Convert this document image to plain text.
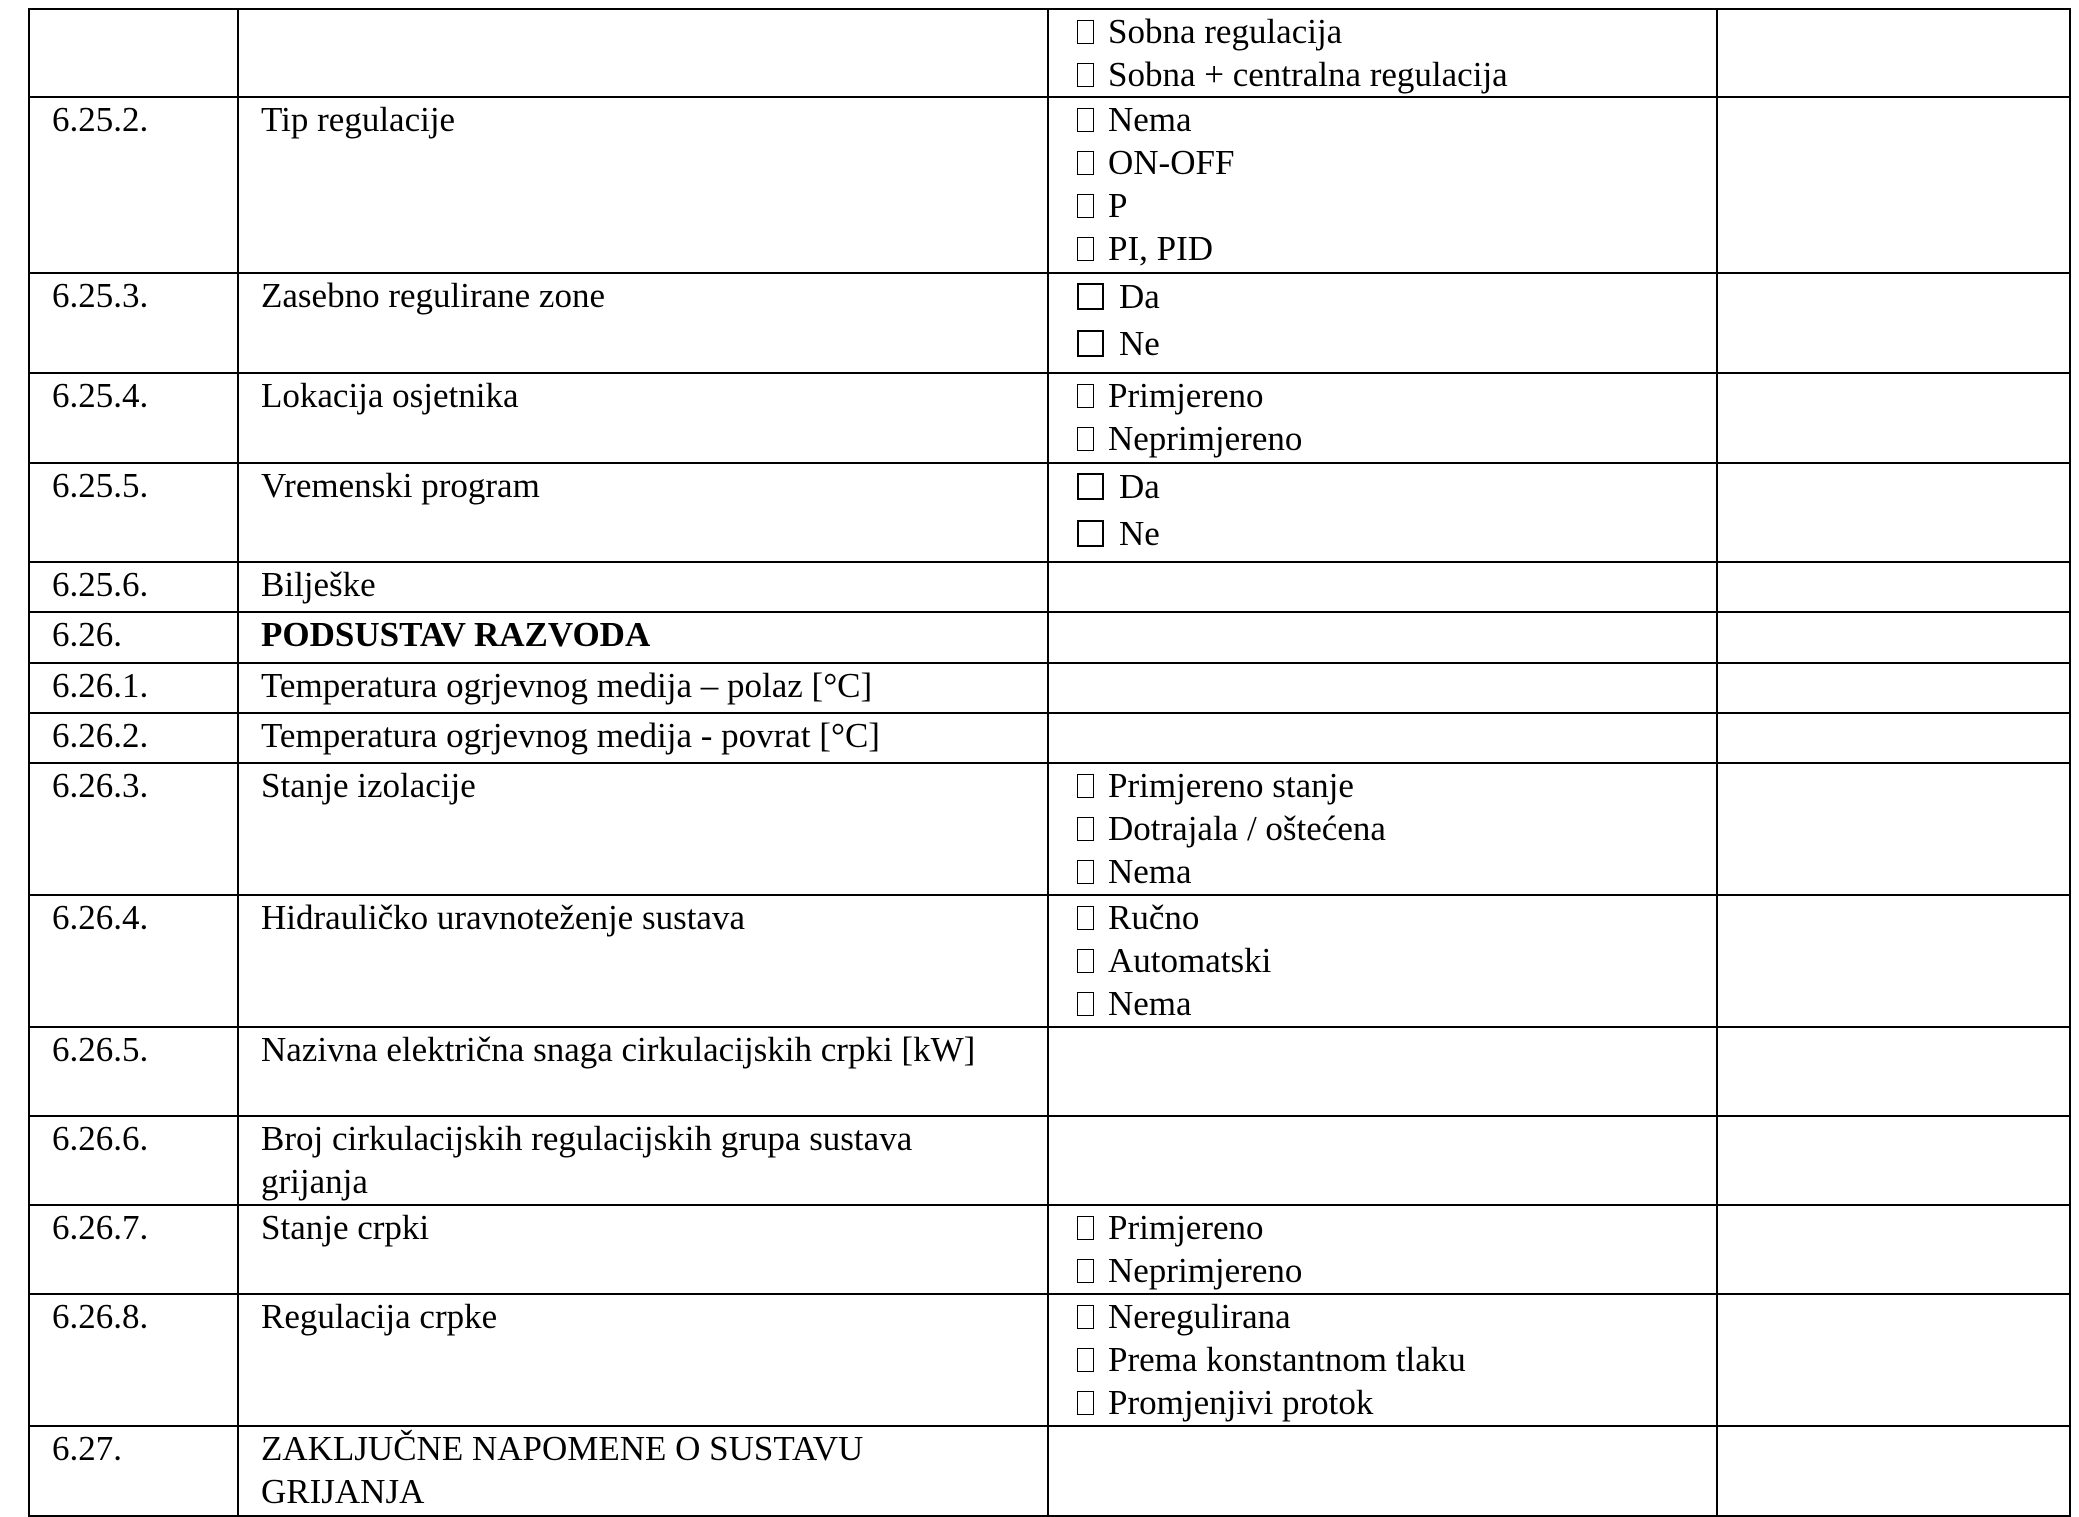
		Sobna regulacija
Sobna + centralna regulacija	

6.25.2.	Tip regulacije	Nema
ON-OFF
P
PI, PID	

6.25.3.	Zasebno regulirane zone	Da
Ne	

6.25.4.	Lokacija osjetnika	Primjereno
Neprimjereno	

6.25.5.	Vremenski program	Da
Ne	

6.25.6.	Bilješke		

6.26.	PODSUSTAV RAZVODA		

6.26.1.	Temperatura ogrjevnog medija – polaz [°C]		

6.26.2.	Temperatura ogrjevnog medija - povrat [°C]		

6.26.3.	Stanje izolacije	Primjereno stanje
Dotrajala / oštećena
Nema	

6.26.4.	Hidrauličko uravnoteženje sustava	Ručno
Automatski
Nema	

6.26.5.	Nazivna električna snaga cirkulacijskih crpki [kW]		

6.26.6.	Broj cirkulacijskih regulacijskih grupa sustava grijanja		

6.26.7.	Stanje crpki	Primjereno
Neprimjereno	

6.26.8.	Regulacija crpke	Neregulirana
Prema konstantnom tlaku
Promjenjivi protok	

6.27.	ZAKLJUČNE NAPOMENE O SUSTAVU GRIJANJA		
